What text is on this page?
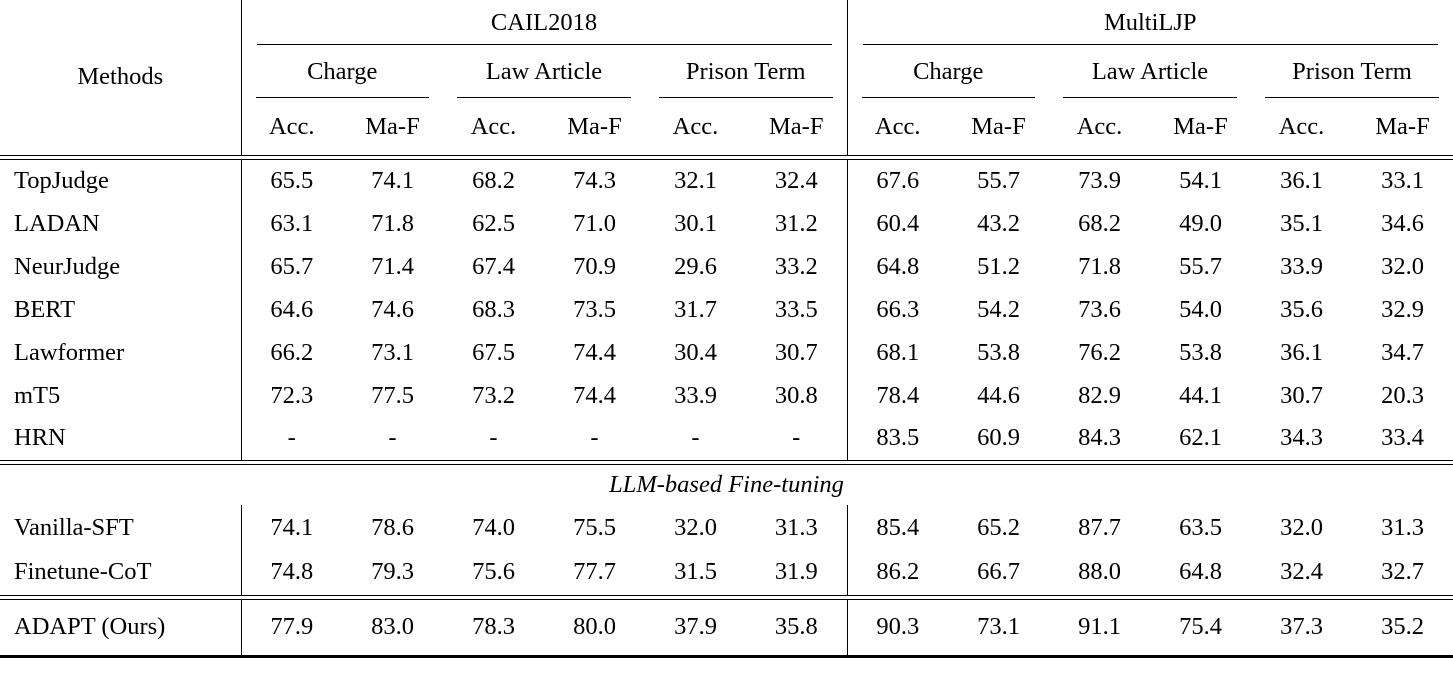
Methods	CAIL2018						MultiLJP					

Charge		Law Article		Prison Term		Charge		Law Article		Prison Term	

	Acc.	Ma-F	Acc.	Ma-F	Acc.	Ma-F	Acc.	Ma-F	Acc.	Ma-F	Acc.	Ma-F

TopJudge	65.5	74.1	68.2	74.3	32.1	32.4	67.6	55.7	73.9	54.1	36.1	33.1
LADAN	63.1	71.8	62.5	71.0	30.1	31.2	60.4	43.2	68.2	49.0	35.1	34.6
NeurJudge	65.7	71.4	67.4	70.9	29.6	33.2	64.8	51.2	71.8	55.7	33.9	32.0
BERT	64.6	74.6	68.3	73.5	31.7	33.5	66.3	54.2	73.6	54.0	35.6	32.9
Lawformer	66.2	73.1	67.5	74.4	30.4	30.7	68.1	53.8	76.2	53.8	36.1	34.7
mT5	72.3	77.5	73.2	74.4	33.9	30.8	78.4	44.6	82.9	44.1	30.7	20.3
HRN	-	-	-	-	-	-	83.5	60.9	84.3	62.1	34.3	33.4

LLM-based Fine-tuning												
Vanilla-SFT	74.1	78.6	74.0	75.5	32.0	31.3	85.4	65.2	87.7	63.5	32.0	31.3
Finetune-CoT	74.8	79.3	75.6	77.7	31.5	31.9	86.2	66.7	88.0	64.8	32.4	32.7

ADAPT (Ours)	77.9	83.0	78.3	80.0	37.9	35.8	90.3	73.1	91.1	75.4	37.3	35.2
